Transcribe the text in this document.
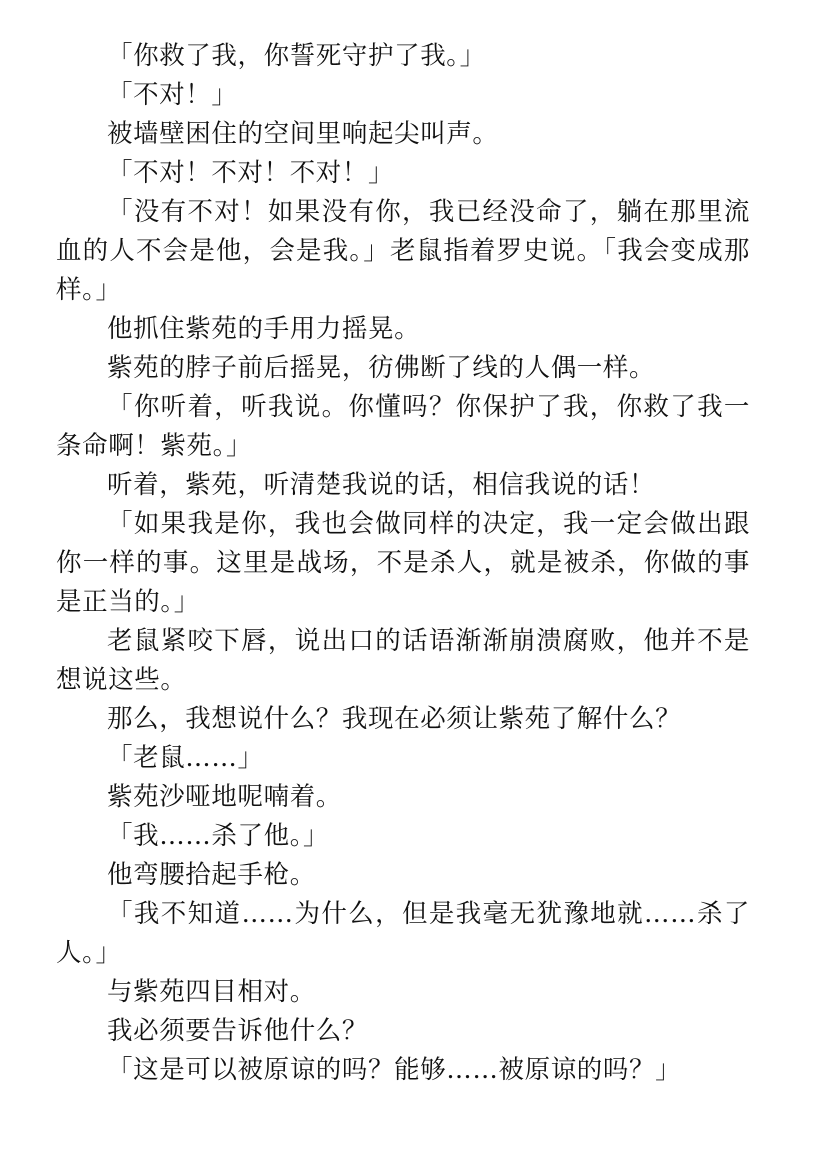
「你救了我，你誓死守护了我。」

「不对！」

被墙壁困住的空间里响起尖叫声。

「不对！不对！不对！」

「没有不对！如果没有你，我已经没命了，躺在那里流血的人不会是他，会是我。」老鼠指着罗史说。「我会变成那样。」

他抓住紫苑的手用力摇晃。

紫苑的脖子前后摇晃，彷佛断了线的人偶一样。

「你听着，听我说。你懂吗？你保护了我，你救了我一条命啊！紫苑。」

听着，紫苑，听清楚我说的话，相信我说的话！

「如果我是你，我也会做同样的决定，我一定会做出跟你一样的事。这里是战场，不是杀人，就是被杀，你做的事是正当的。」

老鼠紧咬下唇，说出口的话语渐渐崩溃腐败，他并不是想说这些。

那么，我想说什么？我现在必须让紫苑了解什么？

「老鼠……」

紫苑沙哑地呢喃着。

「我……杀了他。」

他弯腰拾起手枪。

「我不知道……为什么，但是我毫无犹豫地就……杀了人。」

与紫苑四目相对。

我必须要告诉他什么？

「这是可以被原谅的吗？能够……被原谅的吗？」
